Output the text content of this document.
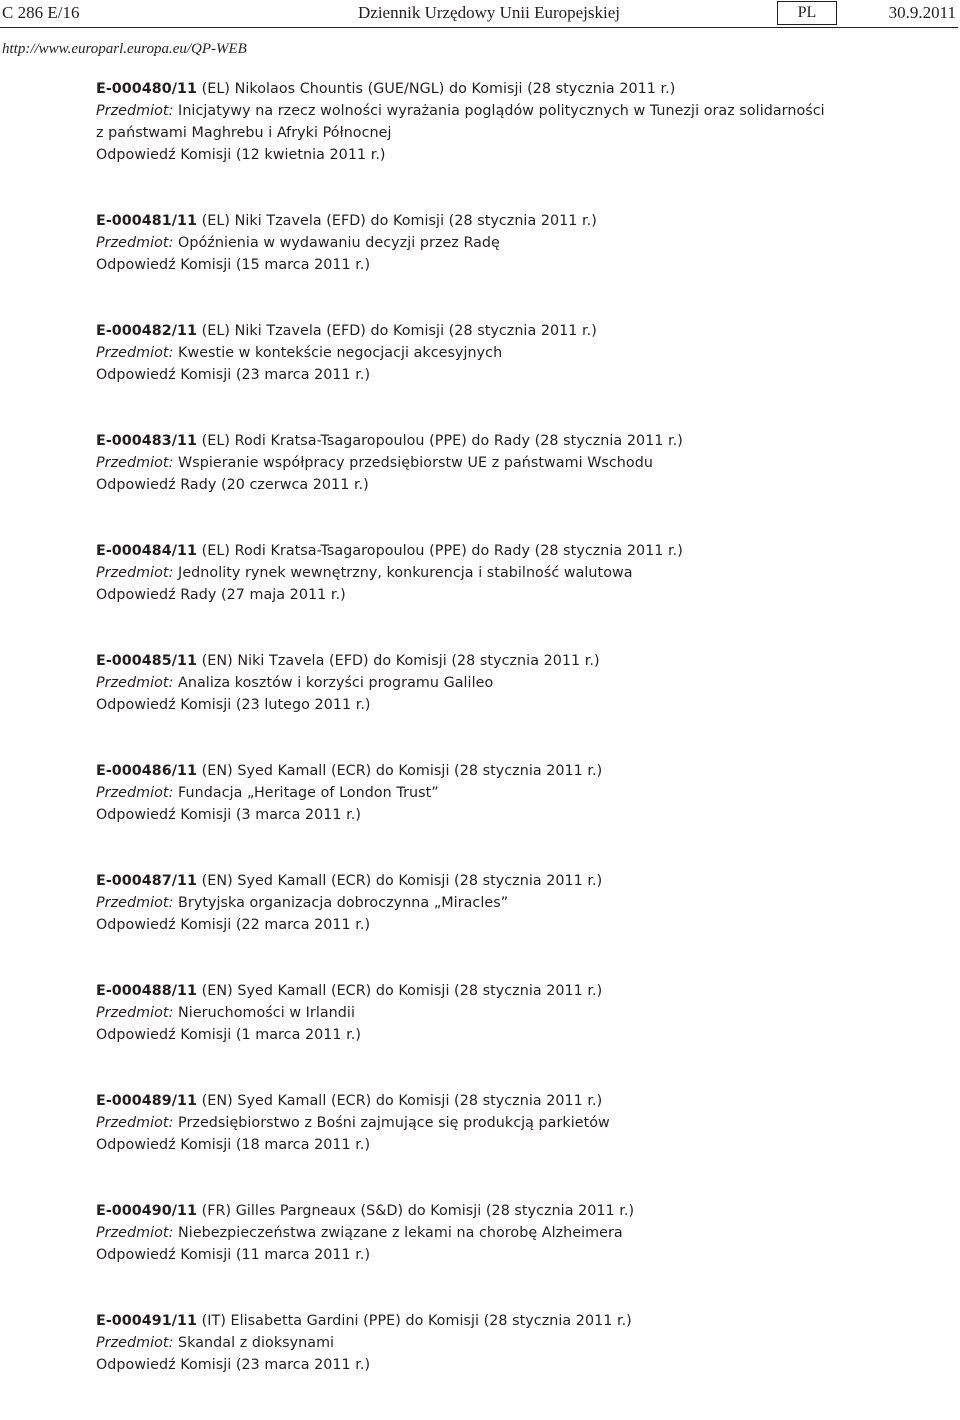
C 286 E/16	Dziennik Urzędowy Unii Europejskiej	PL	30.9.2011
http://www.europarl.europa.eu/QP-WEB
E-000480/11 (EL) Nikolaos Chountis (GUE/NGL) do Komisji (28 stycznia 2011 r.)
Przedmiot: Inicjatywy na rzecz wolności wyrażania poglądów politycznych w Tunezji oraz solidarności
z państwami Maghrebu i Afryki Północnej
Odpowiedź Komisji (12 kwietnia 2011 r.)
E-000481/11 (EL) Niki Tzavela (EFD) do Komisji (28 stycznia 2011 r.)
Przedmiot: Opóźnienia w wydawaniu decyzji przez Radę
Odpowiedź Komisji (15 marca 2011 r.)
E-000482/11 (EL) Niki Tzavela (EFD) do Komisji (28 stycznia 2011 r.)
Przedmiot: Kwestie w kontekście negocjacji akcesyjnych
Odpowiedź Komisji (23 marca 2011 r.)
E-000483/11 (EL) Rodi Kratsa-Tsagaropoulou (PPE) do Rady (28 stycznia 2011 r.)
Przedmiot: Wspieranie współpracy przedsiębiorstw UE z państwami Wschodu
Odpowiedź Rady (20 czerwca 2011 r.)
E-000484/11 (EL) Rodi Kratsa-Tsagaropoulou (PPE) do Rady (28 stycznia 2011 r.)
Przedmiot: Jednolity rynek wewnętrzny, konkurencja i stabilność walutowa
Odpowiedź Rady (27 maja 2011 r.)
E-000485/11 (EN) Niki Tzavela (EFD) do Komisji (28 stycznia 2011 r.)
Przedmiot: Analiza kosztów i korzyści programu Galileo
Odpowiedź Komisji (23 lutego 2011 r.)
E-000486/11 (EN) Syed Kamall (ECR) do Komisji (28 stycznia 2011 r.)
Przedmiot: Fundacja „Heritage of London Trust”
Odpowiedź Komisji (3 marca 2011 r.)
E-000487/11 (EN) Syed Kamall (ECR) do Komisji (28 stycznia 2011 r.)
Przedmiot: Brytyjska organizacja dobroczynna „Miracles”
Odpowiedź Komisji (22 marca 2011 r.)
E-000488/11 (EN) Syed Kamall (ECR) do Komisji (28 stycznia 2011 r.)
Przedmiot: Nieruchomości w Irlandii
Odpowiedź Komisji (1 marca 2011 r.)
E-000489/11 (EN) Syed Kamall (ECR) do Komisji (28 stycznia 2011 r.)
Przedmiot: Przedsiębiorstwo z Bośni zajmujące się produkcją parkietów
Odpowiedź Komisji (18 marca 2011 r.)
E-000490/11 (FR) Gilles Pargneaux (S&D) do Komisji (28 stycznia 2011 r.)
Przedmiot: Niebezpieczeństwa związane z lekami na chorobę Alzheimera
Odpowiedź Komisji (11 marca 2011 r.)
E-000491/11 (IT) Elisabetta Gardini (PPE) do Komisji (28 stycznia 2011 r.)
Przedmiot: Skandal z dioksynami
Odpowiedź Komisji (23 marca 2011 r.)
